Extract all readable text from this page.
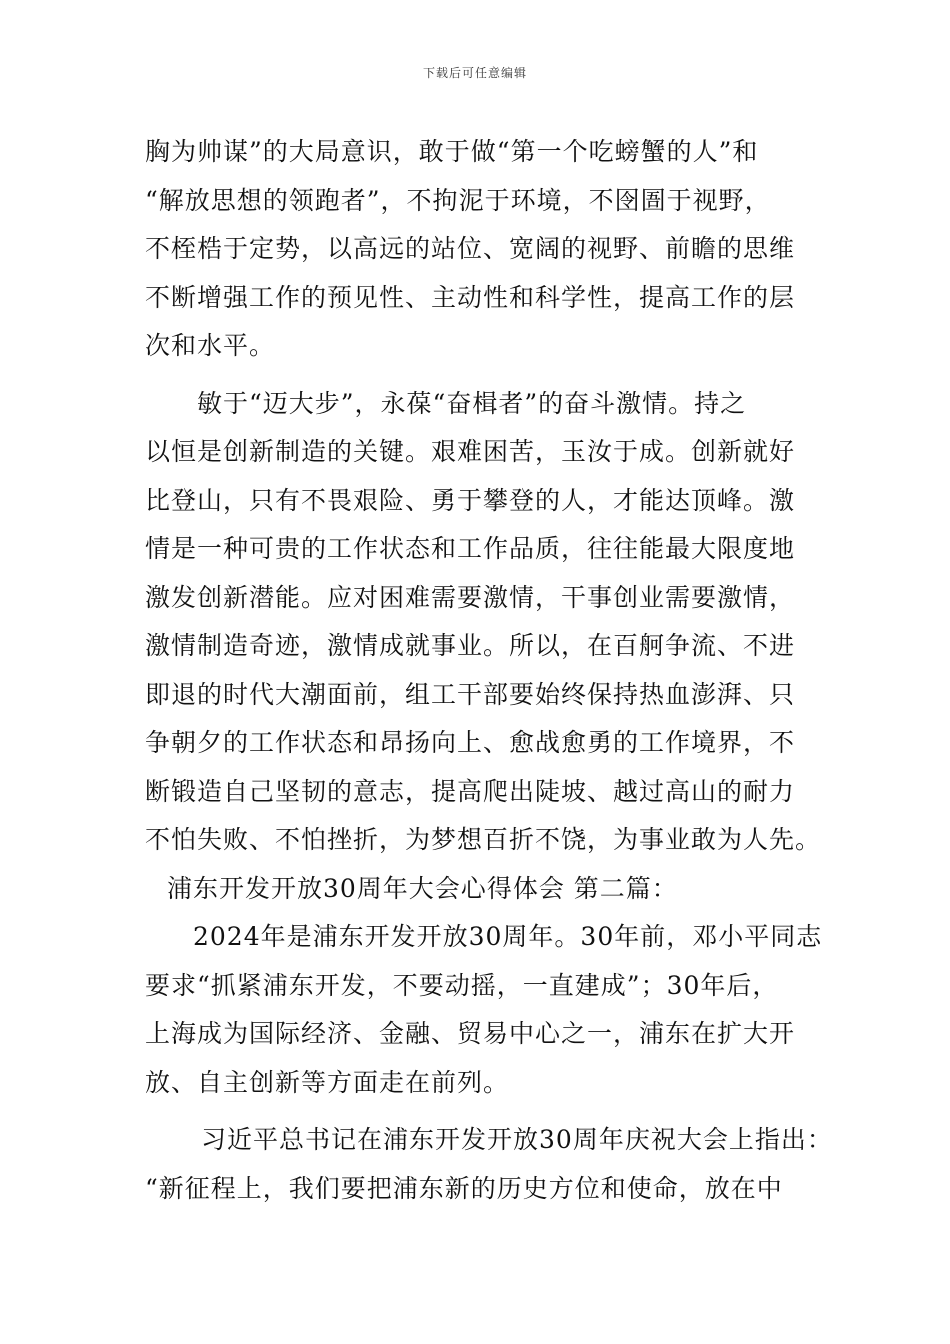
下载后可任意编辑
胸为帅谋”的大局意识，敢于做“第一个吃螃蟹的人”和
“解放思想的领跑者”，不拘泥于环境，不囹圄于视野，
不桎梏于定势，以高远的站位、宽阔的视野、前瞻的思维
不断增强工作的预见性、主动性和科学性，提高工作的层
次和水平。
敏于“迈大步”，永葆“奋楫者”的奋斗激情。持之
以恒是创新制造的关键。艰难困苦，玉汝于成。创新就好
比登山，只有不畏艰险、勇于攀登的人，才能达顶峰。激
情是一种可贵的工作状态和工作品质，往往能最大限度地
激发创新潜能。应对困难需要激情，干事创业需要激情，
激情制造奇迹，激情成就事业。所以，在百舸争流、不进
即退的时代大潮面前，组工干部要始终保持热血澎湃、只
争朝夕的工作状态和昂扬向上、愈战愈勇的工作境界，不
断锻造自己坚韧的意志，提高爬出陡坡、越过高山的耐力
不怕失败、不怕挫折，为梦想百折不饶，为事业敢为人先。
浦东开发开放30周年大会心得体会 第二篇：
2024年是浦东开发开放30周年。30年前，邓小平同志
要求“抓紧浦东开发，不要动摇，一直建成”；30年后，
上海成为国际经济、金融、贸易中心之一，浦东在扩大开
放、自主创新等方面走在前列。
习近平总书记在浦东开发开放30周年庆祝大会上指出：
“新征程上，我们要把浦东新的历史方位和使命，放在中
